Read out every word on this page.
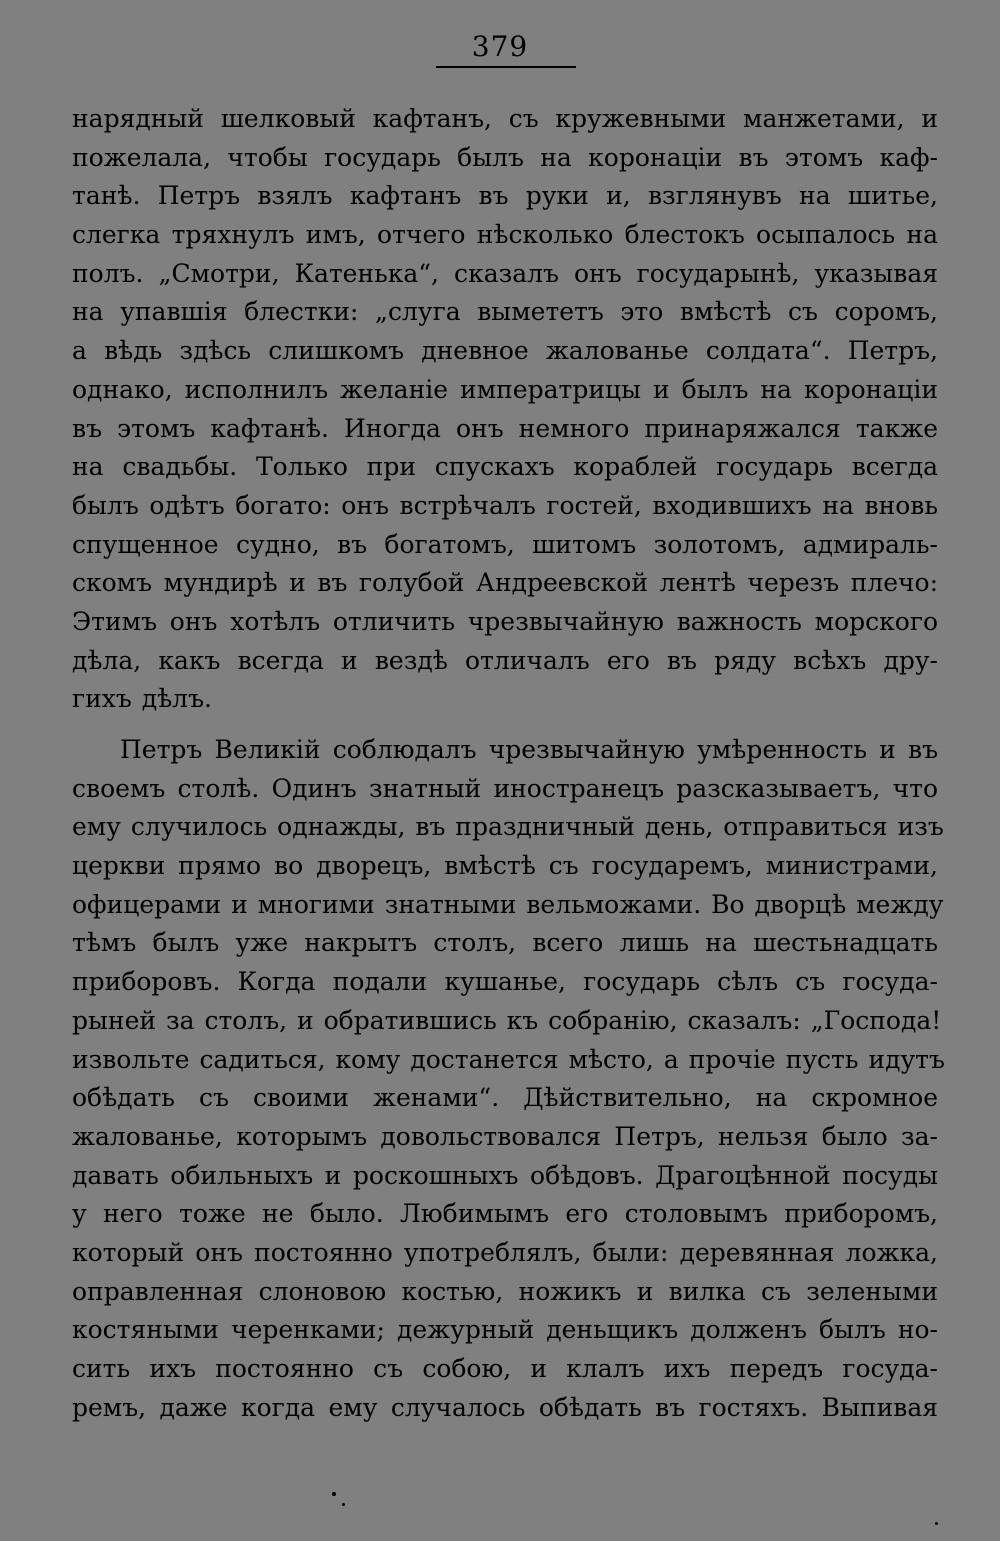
379
нарядный шелковый кафтанъ, съ кружевными манжетами, и
пожелала, чтобы государь былъ на коронаціи въ этомъ каф-
танѣ. Петръ взялъ кафтанъ въ руки и, взглянувъ на шитье,
слегка тряхнулъ имъ, отчего нѣсколько блестокъ осыпалось на
полъ. „Смотри, Катенька“, сказалъ онъ государынѣ, указывая
на упавшія блестки: „слуга вымететъ это вмѣстѣ съ соромъ,
а вѣдь здѣсь слишкомъ дневное жалованье солдата“. Петръ,
однако, исполнилъ желаніе императрицы и былъ на коронаціи
въ этомъ кафтанѣ. Иногда онъ немного принаряжался также
на свадьбы. Только при спускахъ кораблей государь всегда
былъ одѣтъ богато: онъ встрѣчалъ гостей, входившихъ на вновь
спущенное судно, въ богатомъ, шитомъ золотомъ, адмираль-
скомъ мундирѣ и въ голубой Андреевской лентѣ черезъ плечо:
Этимъ онъ хотѣлъ отличить чрезвычайную важность морского
дѣла, какъ всегда и вездѣ отличалъ его въ ряду всѣхъ дру-
гихъ дѣлъ.
Петръ Великій соблюдалъ чрезвычайную умѣренность и въ
своемъ столѣ. Одинъ знатный иностранецъ разсказываетъ, что
ему случилось однажды, въ праздничный день, отправиться изъ
церкви прямо во дворецъ, вмѣстѣ съ государемъ, министрами,
офицерами и многими знатными вельможами. Во дворцѣ между
тѣмъ былъ уже накрытъ столъ, всего лишь на шестьнадцать
приборовъ. Когда подали кушанье, государь сѣлъ съ госуда-
рыней за столъ, и обратившись къ собранію, сказалъ: „Господа!
извольте садиться, кому достанется мѣсто, а прочіе пусть идутъ
обѣдать съ своими женами“. Дѣйствительно, на скромное
жалованье, которымъ довольствовался Петръ, нельзя было за-
давать обильныхъ и роскошныхъ обѣдовъ. Драгоцѣнной посуды
у него тоже не было. Любимымъ его столовымъ приборомъ,
который онъ постоянно употреблялъ, были: деревянная ложка,
оправленная слоновою костью, ножикъ и вилка съ зелеными
костяными черенками; дежурный деньщикъ долженъ былъ но-
сить ихъ постоянно съ собою, и клалъ ихъ передъ госуда-
ремъ, даже когда ему случалось обѣдать въ гостяхъ. Выпивая
